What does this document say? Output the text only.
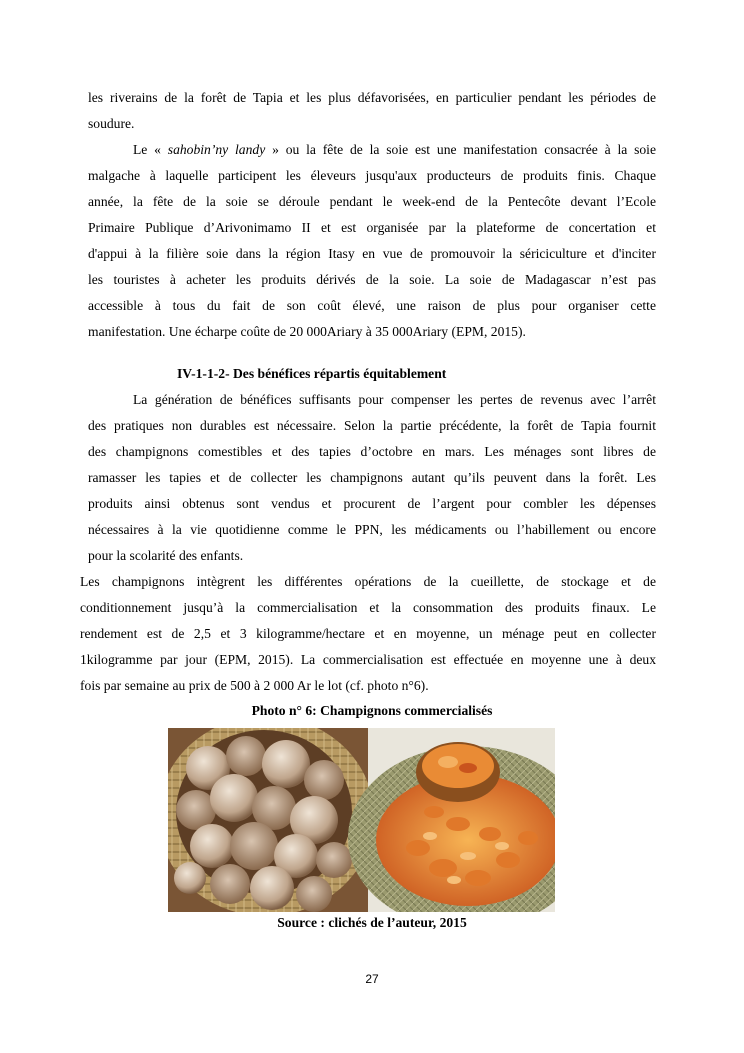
les riverains de la forêt de Tapia et les plus défavorisées, en particulier pendant les périodes de
soudure.
Le « sahobin’ny landy » ou la fête de la soie est une manifestation consacrée à la soie
malgache à laquelle participent les éleveurs jusqu'aux producteurs de produits finis. Chaque
année, la fête de la soie se déroule pendant le week-end de la Pentecôte devant l’Ecole
Primaire Publique d’Arivonimamo II et est organisée par la plateforme de concertation et
d'appui à la filière soie dans la région Itasy en vue de promouvoir la sériciculture et d'inciter
les touristes à acheter les produits dérivés de la soie. La soie de Madagascar n’est pas
accessible à tous du fait de son coût élevé, une raison de plus pour organiser cette
manifestation. Une écharpe coûte de 20 000Ariary à 35 000Ariary (EPM, 2015).
IV-1-1-2- Des bénéfices répartis équitablement
La génération de bénéfices suffisants pour compenser les pertes de revenus avec l’arrêt
des pratiques non durables est nécessaire. Selon la partie précédente, la forêt de Tapia fournit
des champignons comestibles et des tapies d’octobre en mars. Les ménages sont libres de
ramasser les tapies et de collecter les champignons autant qu’ils peuvent dans la forêt. Les
produits ainsi obtenus sont vendus et procurent de l’argent pour combler les dépenses
nécessaires à la vie quotidienne comme le PPN, les médicaments ou l’habillement ou encore
pour la scolarité des enfants.
Les champignons intègrent les différentes opérations de la cueillette, de stockage et de
conditionnement jusqu’à la commercialisation et la consommation des produits finaux. Le
rendement est de 2,5 et 3 kilogramme/hectare et en moyenne, un ménage peut en collecter
1kilogramme par jour (EPM, 2015). La commercialisation est effectuée en moyenne une à deux
fois par semaine au prix de 500 à 2 000 Ar le lot (cf. photo n°6).
Photo n° 6: Champignons commercialisés
Source : clichés de l’auteur, 2015
27
